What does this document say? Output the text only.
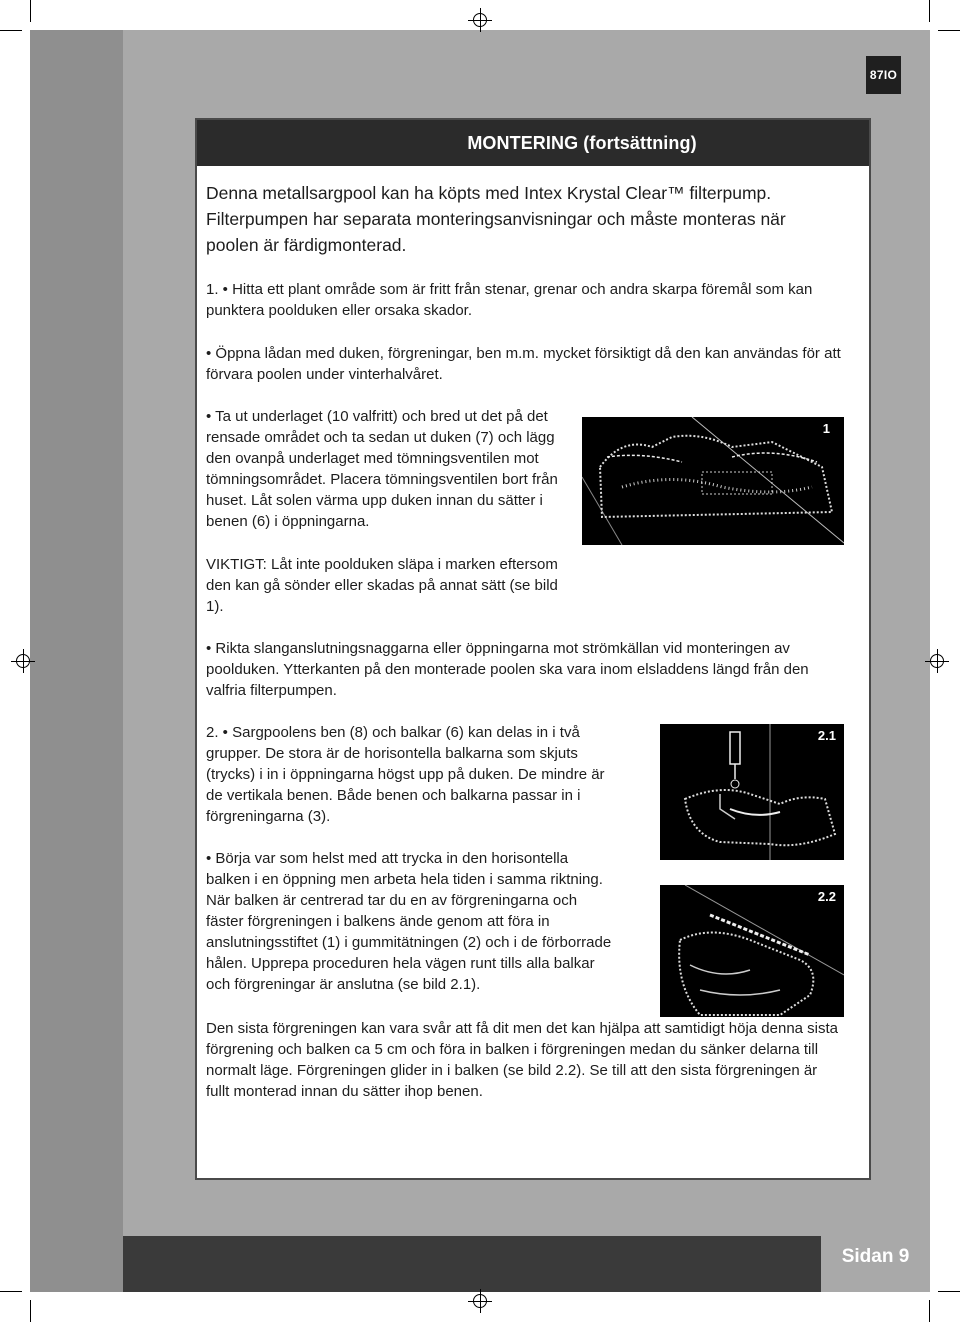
Sidan 9
87IO
MONTERING (fortsättning)

Denna metallsargpool kan ha köpts med Intex Krystal Clear™ filterpump. Filterpumpen har separata monteringsanvisningar och måste monteras när poolen är färdigmonterad.

1. • Hitta ett plant område som är fritt från stenar, grenar och andra skarpa föremål som kan punktera poolduken eller orsaka skador.

• Öppna lådan med duken, förgreningar, ben m.m. mycket försiktigt då den kan användas för att förvara poolen under vinterhalvåret.

• Ta ut underlaget (10 valfritt) och bred ut det på det rensade området och ta sedan ut duken (7) och lägg den ovanpå underlaget med tömningsventilen mot tömningsområdet. Placera tömningsventilen bort från huset. Låt solen värma upp duken innan du sätter i benen (6) i öppningarna.

VIKTIGT: Låt inte poolduken släpa i marken eftersom den kan gå sönder eller skadas på annat sätt (se bild 1).

• Rikta slanganslutningsnaggarna eller öppningarna mot strömkällan vid monteringen av poolduken. Ytterkanten på den monterade poolen ska vara inom elsladdens längd från den valfria filterpumpen.

2. • Sargpoolens ben (8) och balkar (6) kan delas in i två grupper. De stora är de horisontella balkarna som skjuts (trycks) i in i öppningarna högst upp på duken. De mindre är de vertikala benen. Både benen och balkarna passar in i förgreningarna (3).

• Börja var som helst med att trycka in den horisontella balken i en öppning men arbeta hela tiden i samma riktning. När balken är centrerad tar du en av förgreningarna och fäster förgreningen i balkens ände genom att föra in anslutningsstiftet (1) i gummitätningen (2) och i de förborrade hålen. Upprepa proceduren hela vägen runt tills alla balkar och förgreningar är anslutna (se bild 2.1).

Den sista förgreningen kan vara svår att få dit men det kan hjälpa att samtidigt höja denna sista förgrening och balken ca 5 cm och föra in balken i förgreningen medan du sänker delarna till normalt läge. Förgreningen glider in i balken (se bild 2.2). Se till att den sista förgreningen är fullt monterad innan du sätter ihop benen.

1
2.1
2.2
